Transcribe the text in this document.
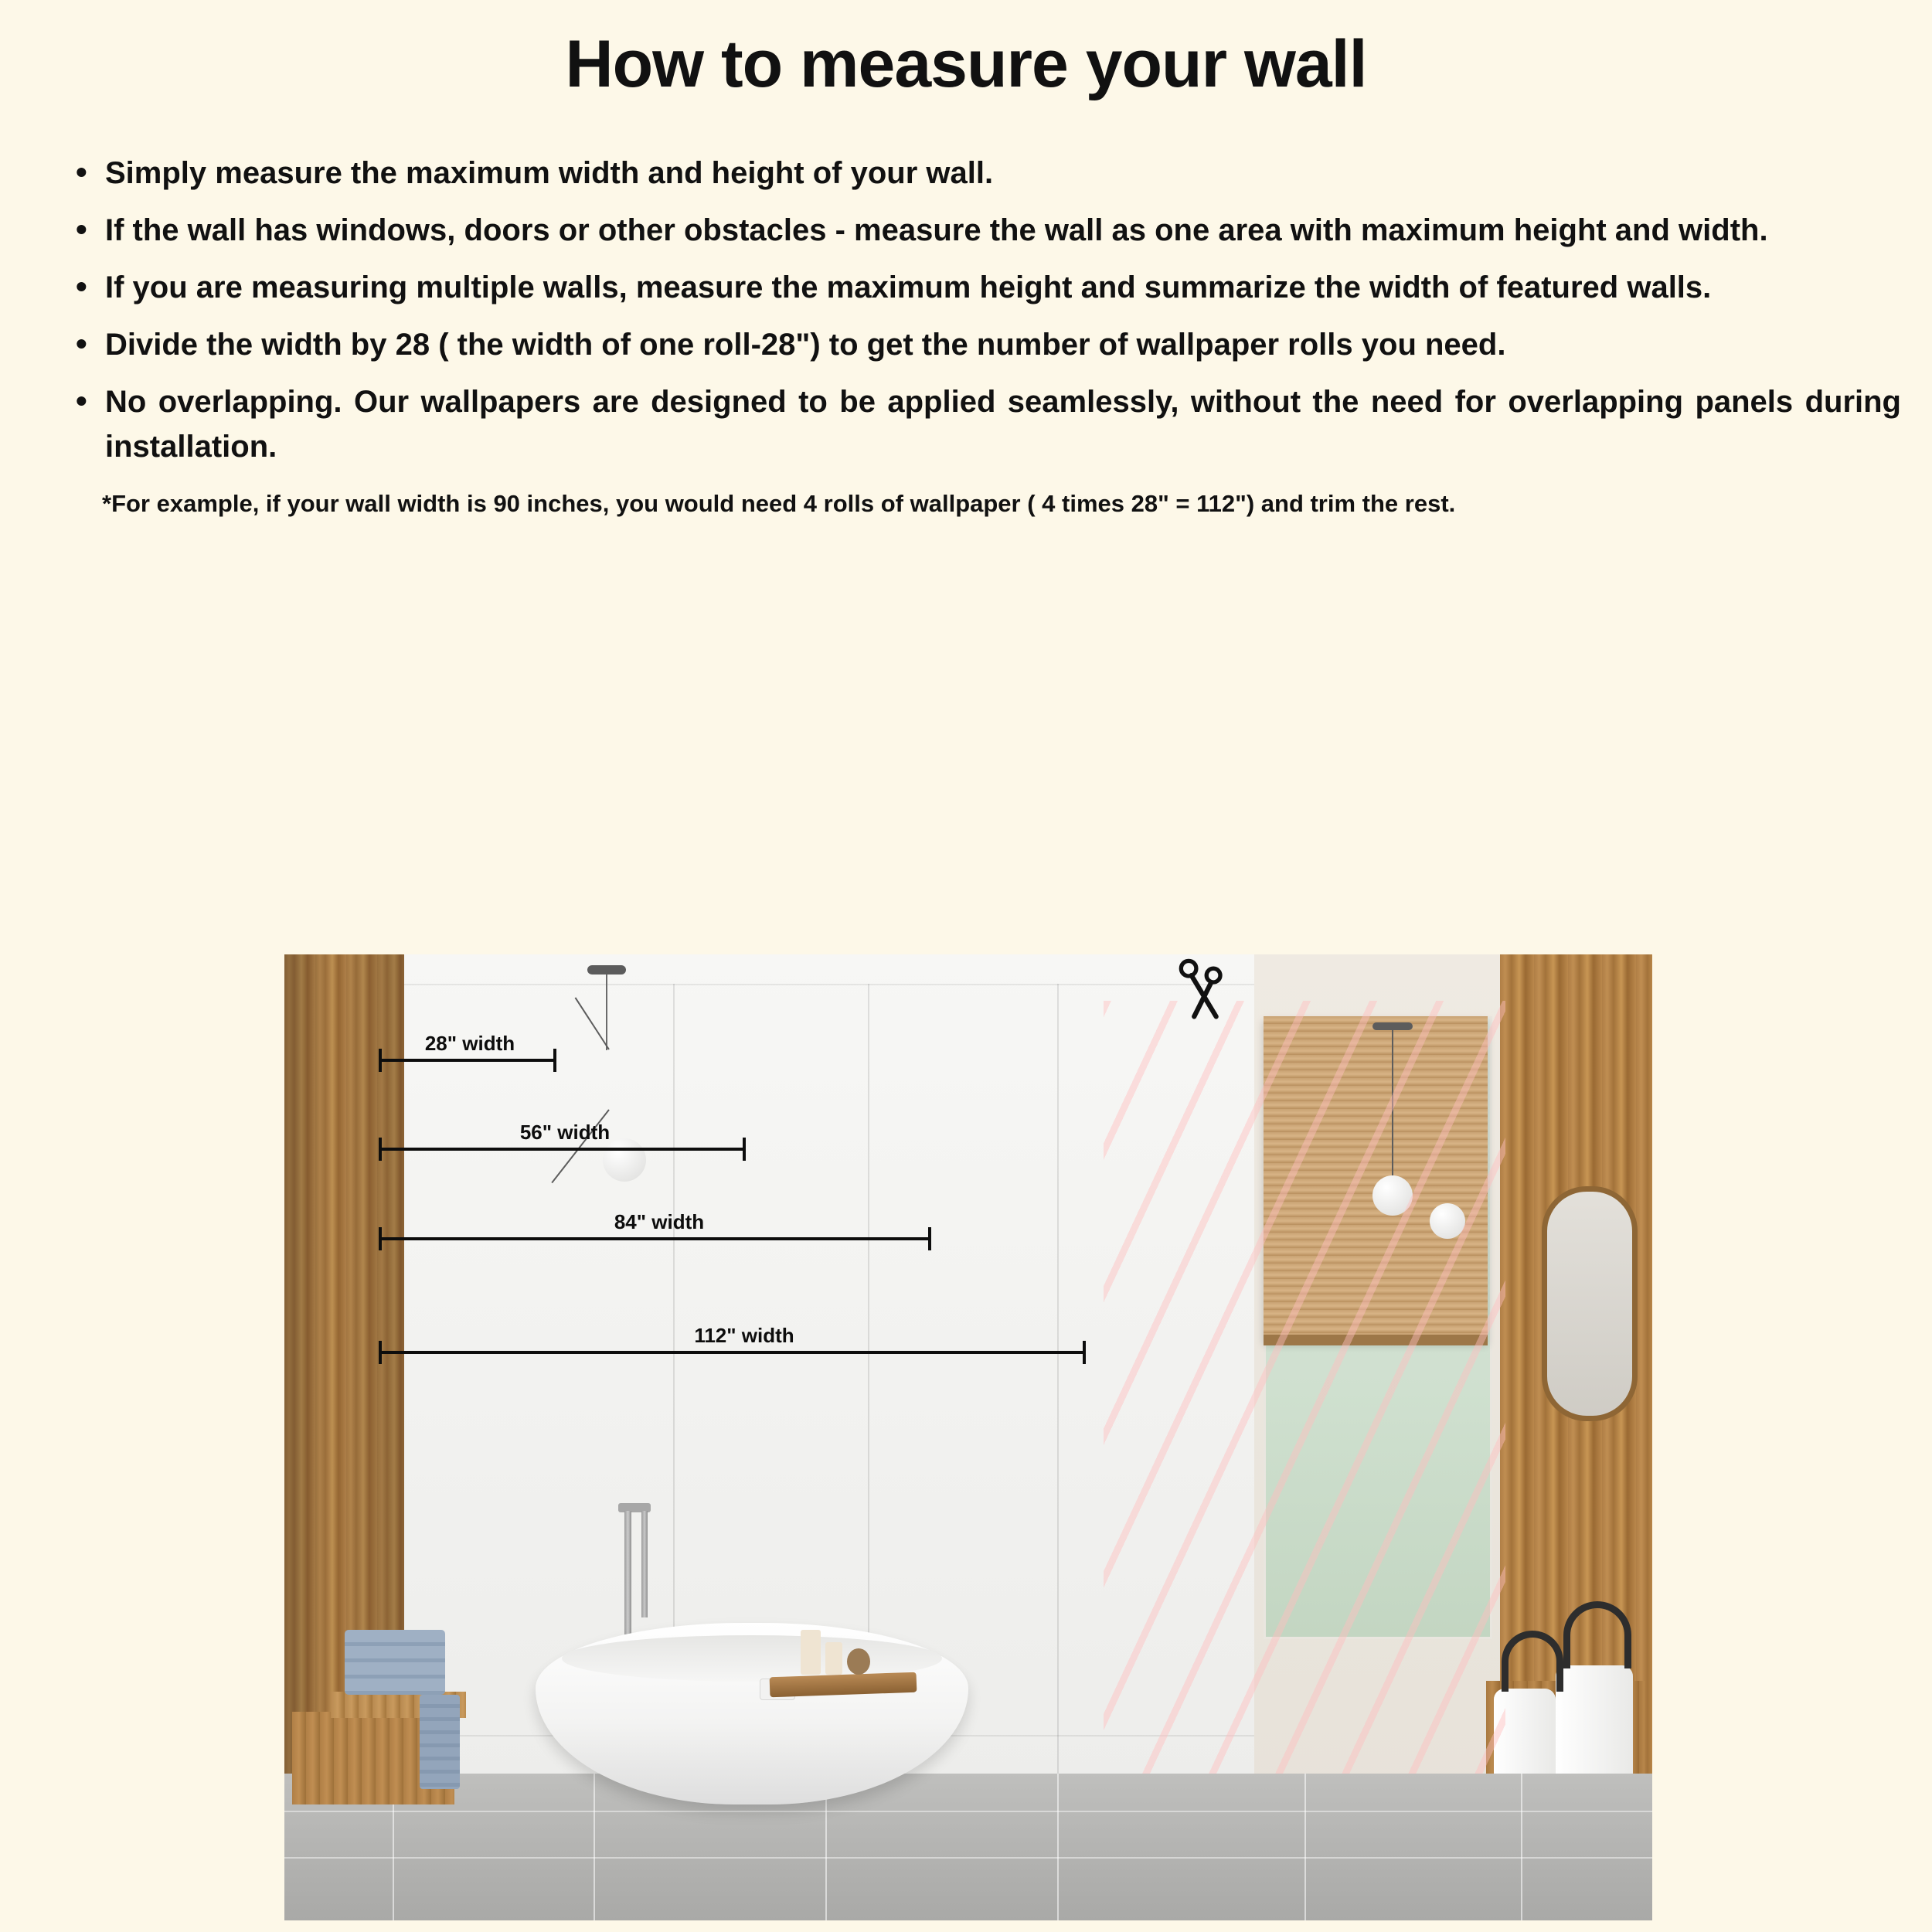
How to measure your wall
• Simply measure the maximum width and height of your wall.
• If the wall has windows, doors or other obstacles - measure the wall as one area with maximum height and width.
• If you are measuring multiple walls, measure the maximum height and summarize the width of featured walls.
• Divide the width by 28 ( the width of one roll-28") to get the number of wallpaper rolls you need.
• No overlapping. Our wallpapers are designed to be applied seamlessly, without the need for overlapping panels during installation.
*For example, if your wall width is 90 inches, you would need 4 rolls of wallpaper ( 4 times 28" = 112") and trim the rest.
28" width
56" width
84" width
112" width
